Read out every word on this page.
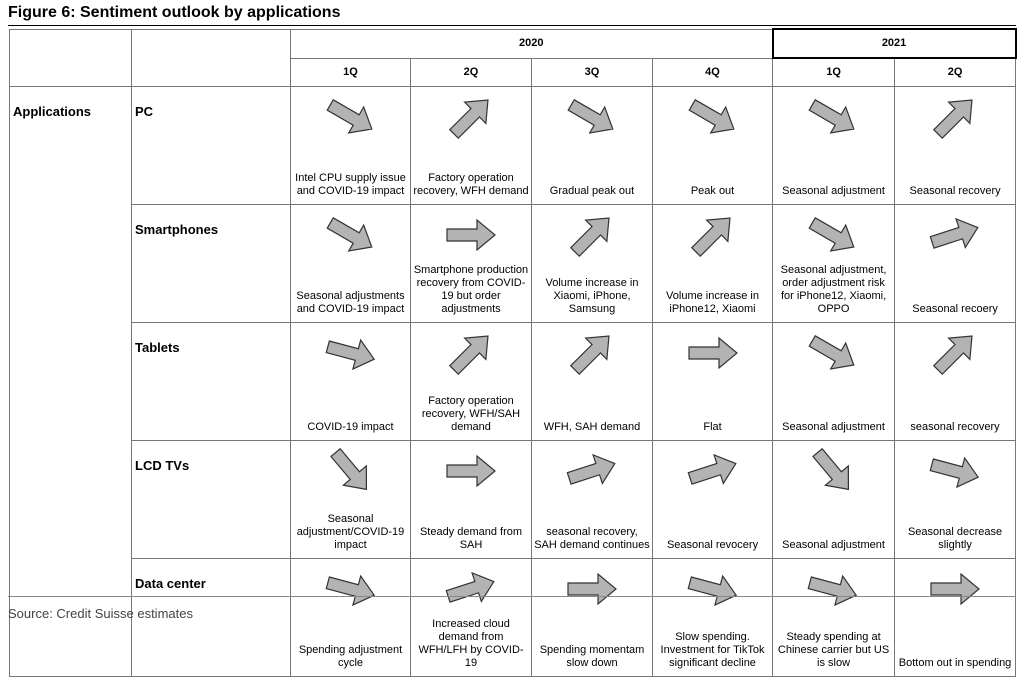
Figure 6: Sentiment outlook by applications
		2020				2021	
		1Q	2Q	3Q	4Q	1Q	2Q
Applications	PC	Intel CPU supply issue and COVID-19 impact	Factory operation recovery, WFH demand	Gradual peak out	Peak out	Seasonal adjustment	Seasonal recovery

	Smartphones	Seasonal adjustments and COVID-19 impact	Smartphone production recovery from COVID-19 but order adjustments	Volume increase in Xiaomi, iPhone, Samsung	Volume increase in iPhone12, Xiaomi	Seasonal adjustment, order adjustment risk for iPhone12, Xiaomi, OPPO	Seasonal recoery

	Tablets	COVID-19 impact	Factory operation recovery, WFH/SAH demand	WFH, SAH demand	Flat	Seasonal adjustment	seasonal recovery

	LCD TVs	Seasonal adjustment/COVID-19 impact	Steady demand from SAH	seasonal recovery, SAH demand continues	Seasonal revocery	Seasonal adjustment	Seasonal decrease slightly

	Data center	Spending adjustment cycle	Increased cloud demand from WFH/LFH by COVID-19	Spending momentam slow down	Slow spending. Investment for TikTok significant decline	Steady spending at Chinese carrier but US is slow	Bottom out in spending
Source: Credit Suisse estimates
